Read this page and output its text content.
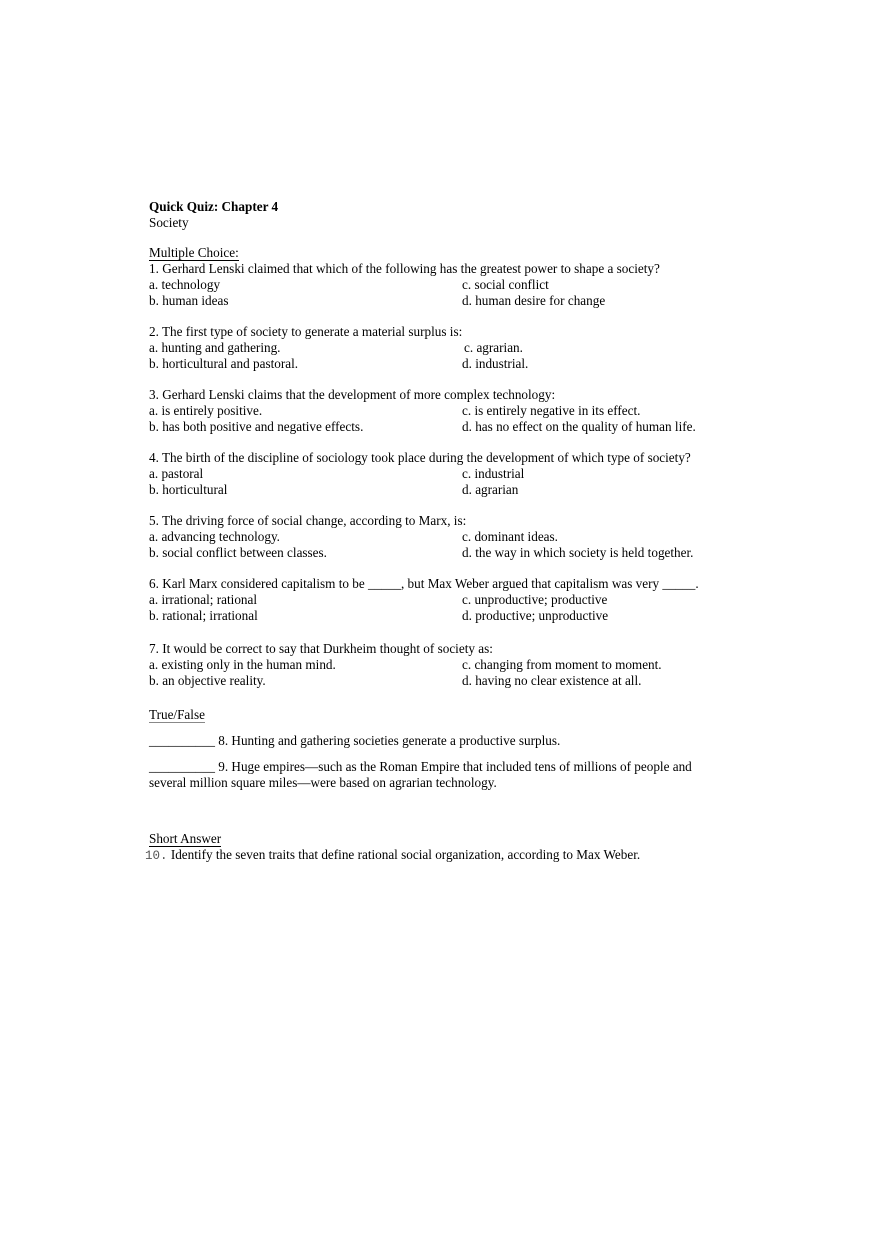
Quick Quiz: Chapter 4
Society
Multiple Choice:

1. Gerhard Lenski claimed that which of the following has the greatest power to shape a society?

a. technology	c. social conflict
b. human ideas	d. human desire for change

2. The first type of society to generate a material surplus is:

a. hunting and gathering.	c. agrarian.
b. horticultural and pastoral.	d. industrial.

3. Gerhard Lenski claims that the development of more complex technology:

a. is entirely positive.	c. is entirely negative in its effect.
b. has both positive and negative effects.	d. has no effect on the quality of human life.

4. The birth of the discipline of sociology took place during the development of which type of society?

a. pastoral	c. industrial
b. horticultural	d. agrarian

5. The driving force of social change, according to Marx, is:

a. advancing technology.	c. dominant ideas.
b. social conflict between classes.	d. the way in which society is held together.

6. Karl Marx considered capitalism to be _____, but Max Weber argued that capitalism was very _____.

a. irrational; rational	c. unproductive; productive
b. rational; irrational	d. productive; unproductive

7. It would be correct to say that Durkheim thought of society as:

a. existing only in the human mind.	c. changing from moment to moment.
b. an objective reality.	d. having no clear existence at all.
True/False
__________ 8. Hunting and gathering societies generate a productive surplus.
__________ 9. Huge empires—such as the Roman Empire that included tens of millions of people and
several million square miles—were based on agrarian technology.
Short Answer
10. Identify the seven traits that define rational social organization, according to Max Weber.
